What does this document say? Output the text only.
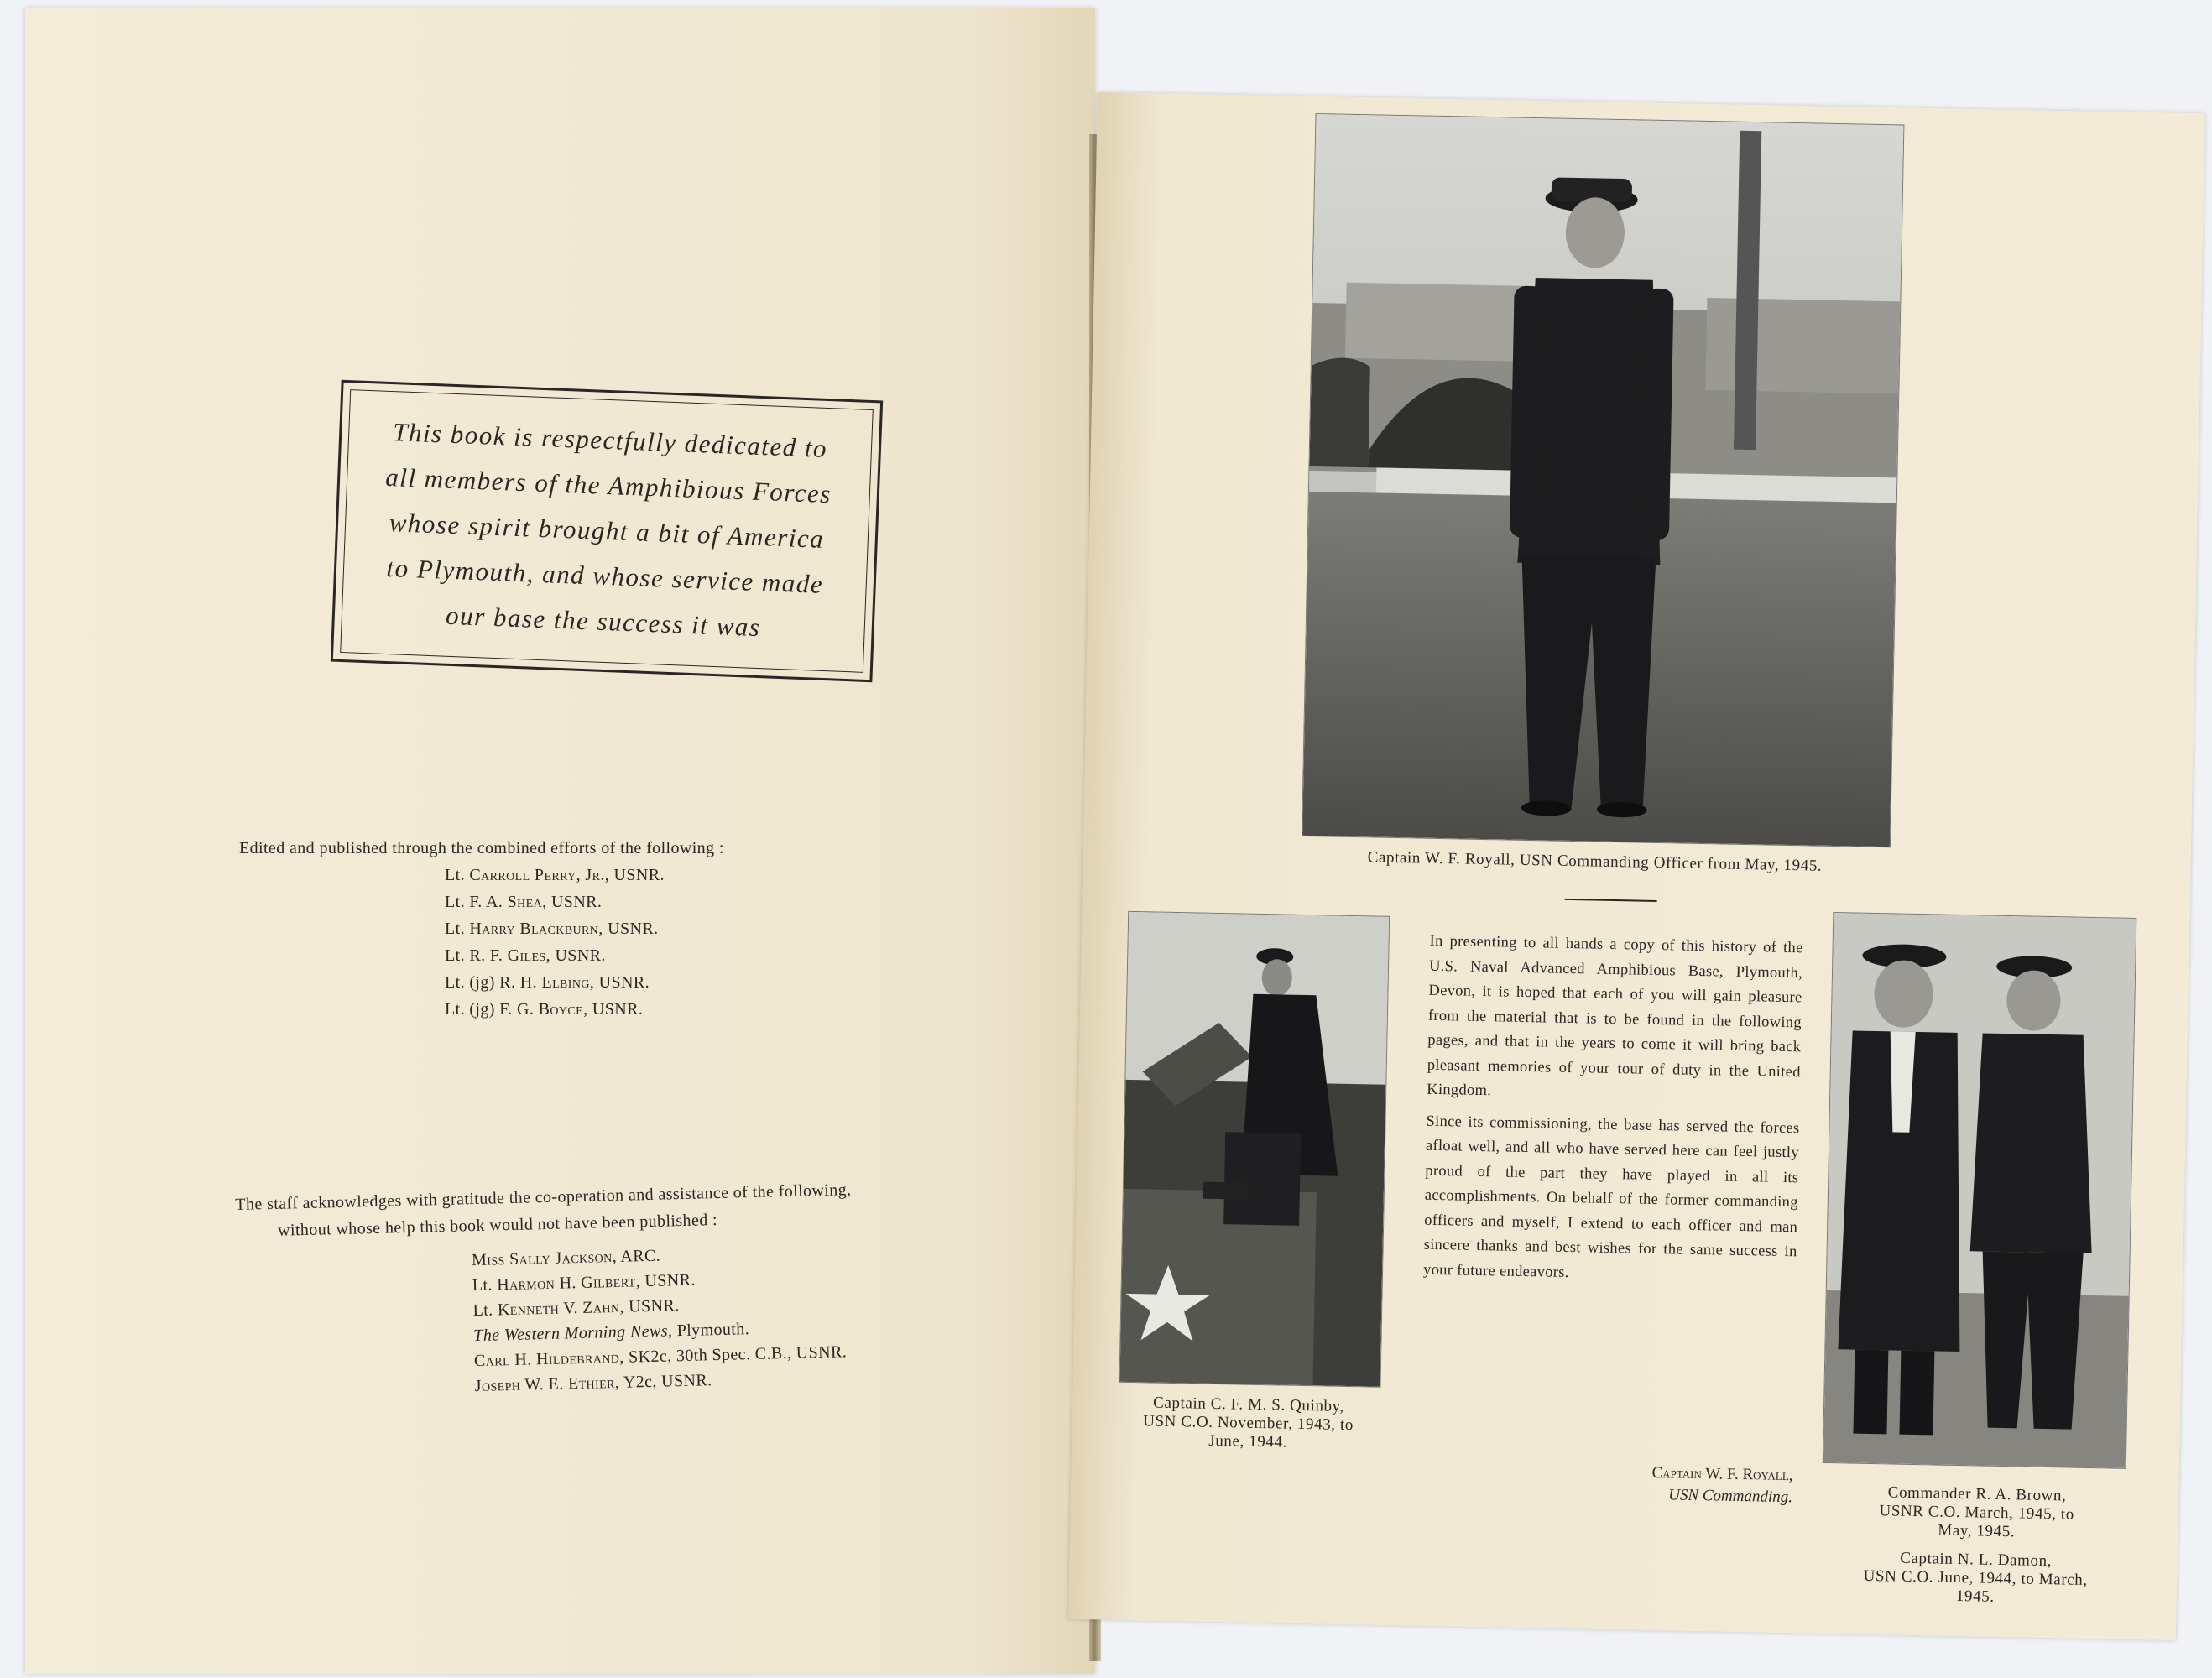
This book is respectfully dedicated to
all members of the Amphibious Forces
whose spirit brought a bit of America
to Plymouth, and whose service made
our base the success it was
Edited and published through the combined efforts of the following :
Lt. Carroll Perry, Jr., USNR.
Lt. F. A. Shea, USNR.
Lt. Harry Blackburn, USNR.
Lt. R. F. Giles, USNR.
Lt. (jg) R. H. Elbing, USNR.
Lt. (jg) F. G. Boyce, USNR.
The staff acknowledges with gratitude the co-operation and assistance of the following,
without whose help this book would not have been published :
Miss Sally Jackson, ARC.
Lt. Harmon H. Gilbert, USNR.
Lt. Kenneth V. Zahn, USNR.
The Western Morning News, Plymouth.
Carl H. Hildebrand, SK2c, 30th Spec. C.B., USNR.
Joseph W. E. Ethier, Y2c, USNR.
Captain W. F. Royall, USN Commanding Officer from May, 1945.
Captain C. F. M. S. Quinby,
USN C.O. November, 1943, to
June, 1944.

In presenting to all hands a copy of this history of the U.S. Naval Advanced Amphibious Base, Plymouth, Devon, it is hoped that each of you will gain pleasure from the material that is to be found in the following pages, and that in the years to come it will bring back pleasant memories of your tour of duty in the United Kingdom.

Since its commissioning, the base has served the forces afloat well, and all who have served here can feel justly proud of the part they have played in all its accomplishments. On behalf of the former commanding officers and myself, I extend to each officer and man sincere thanks and best wishes for the same success in your future endeavors.

Captain W. F. Royall,
USN Commanding.	Commander R. A. Brown,
USNR C.O. March, 1945, to
May, 1945.
Captain N. L. Damon,
USN C.O. June, 1944, to March,
1945.
